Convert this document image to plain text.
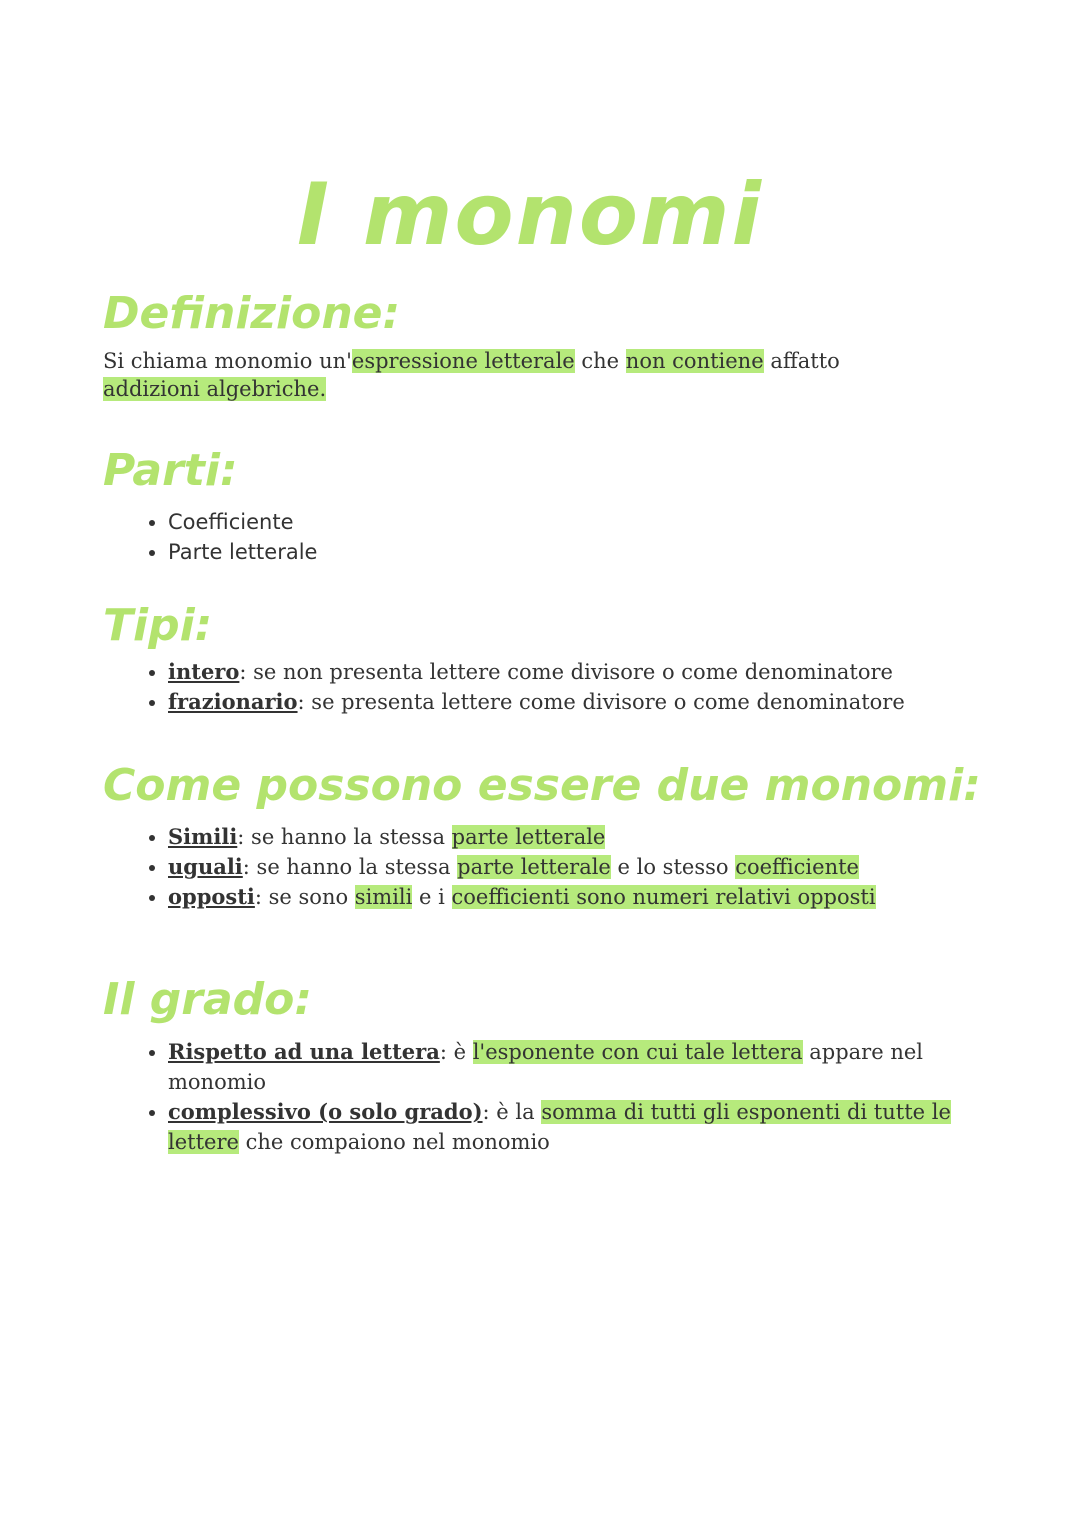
I monomi
Definizione:
Si chiama monomio un'espressione letterale che non contiene affatto addizioni algebriche.
Parti:
• Coefficiente
• Parte letterale
Tipi:
• intero: se non presenta lettere come divisore o come denominatore
• frazionario: se presenta lettere come divisore o come denominatore
Come possono essere due monomi:
• Simili: se hanno la stessa parte letterale
• uguali: se hanno la stessa parte letterale e lo stesso coefficiente
• opposti: se sono simili e i coefficienti sono numeri relativi opposti
Il grado:
• Rispetto ad una lettera: è l'esponente con cui tale lettera appare nel monomio
• complessivo (o solo grado): è la somma di tutti gli esponenti di tutte le lettere che compaiono nel monomio
